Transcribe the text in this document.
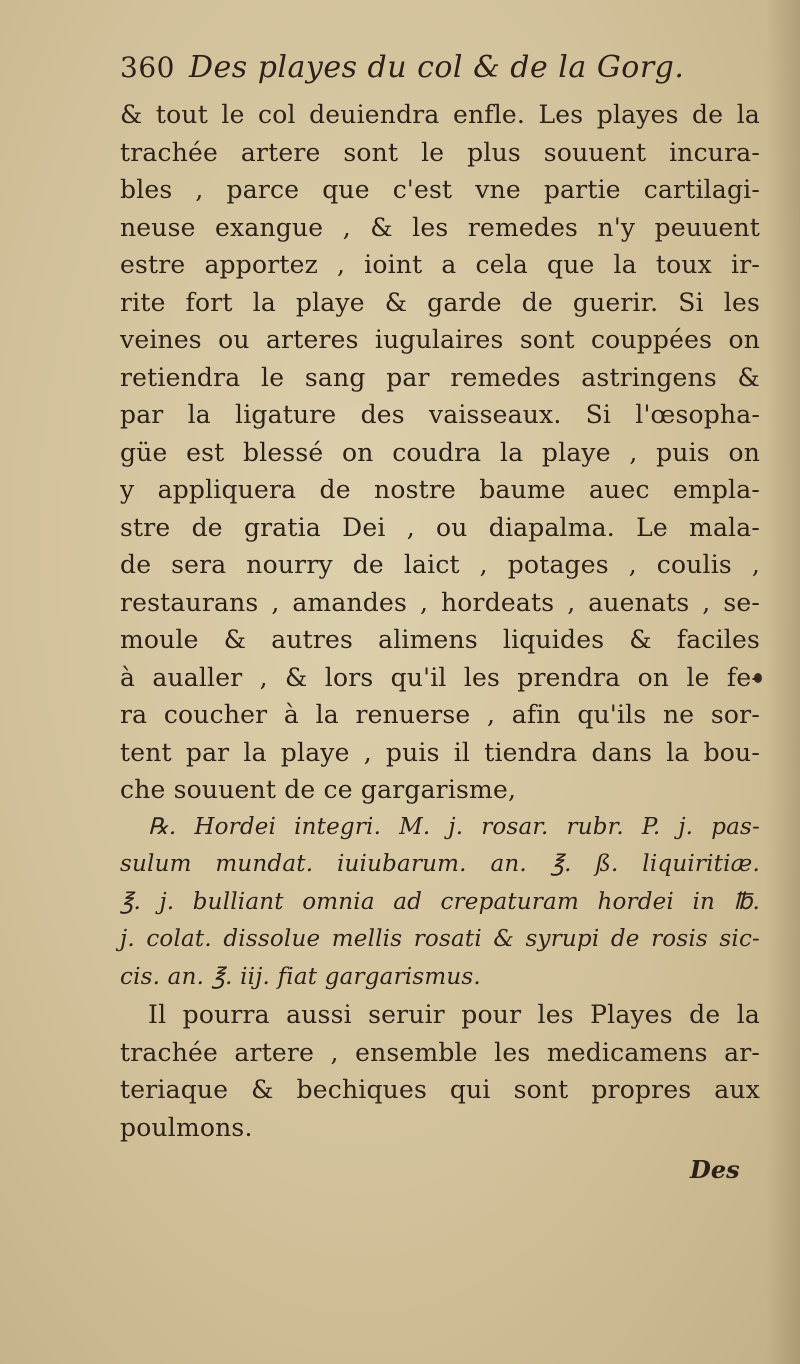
360 Des playes du col & de la Gorg.

& tout le col deuiendra enfle. Les playes de la

trachée artere sont le plus souuent incura-

bles , parce que c'est vne partie cartilagi-

neuse exangue , & les remedes n'y peuuent

estre apportez , ioint a cela que la toux ir-

rite fort la playe & garde de guerir. Si les

veines ou arteres iugulaires sont couppées on

retiendra le sang par remedes astringens &

par la ligature des vaisseaux. Si l'œsopha-

güe est blessé on coudra la playe , puis on

y appliquera de nostre baume auec empla-

stre de gratia Dei , ou diapalma. Le mala-

de sera nourry de laict , potages , coulis ,

restaurans , amandes , hordeats , auenats , se-

moule & autres alimens liquides & faciles

à aualler , & lors qu'il les prendra on le fe-

ra coucher à la renuerse , afin qu'ils ne sor-

tent par la playe , puis il tiendra dans la bou-

che souuent de ce gargarisme,

℞. Hordei integri. M. j. rosar. rubr. P. j. pas-

sulum mundat. iuiubarum. an. ℥. ß. liquiritiæ.

℥. j. bulliant omnia ad crepaturam hordei in ℔.

j. colat. dissolue mellis rosati & syrupi de rosis sic-

cis. an. ℥. iij. fiat gargarismus.

Il pourra aussi seruir pour les Playes de la

trachée artere , ensemble les medicamens ar-

teriaque & bechiques qui sont propres aux

poulmons.

Des
